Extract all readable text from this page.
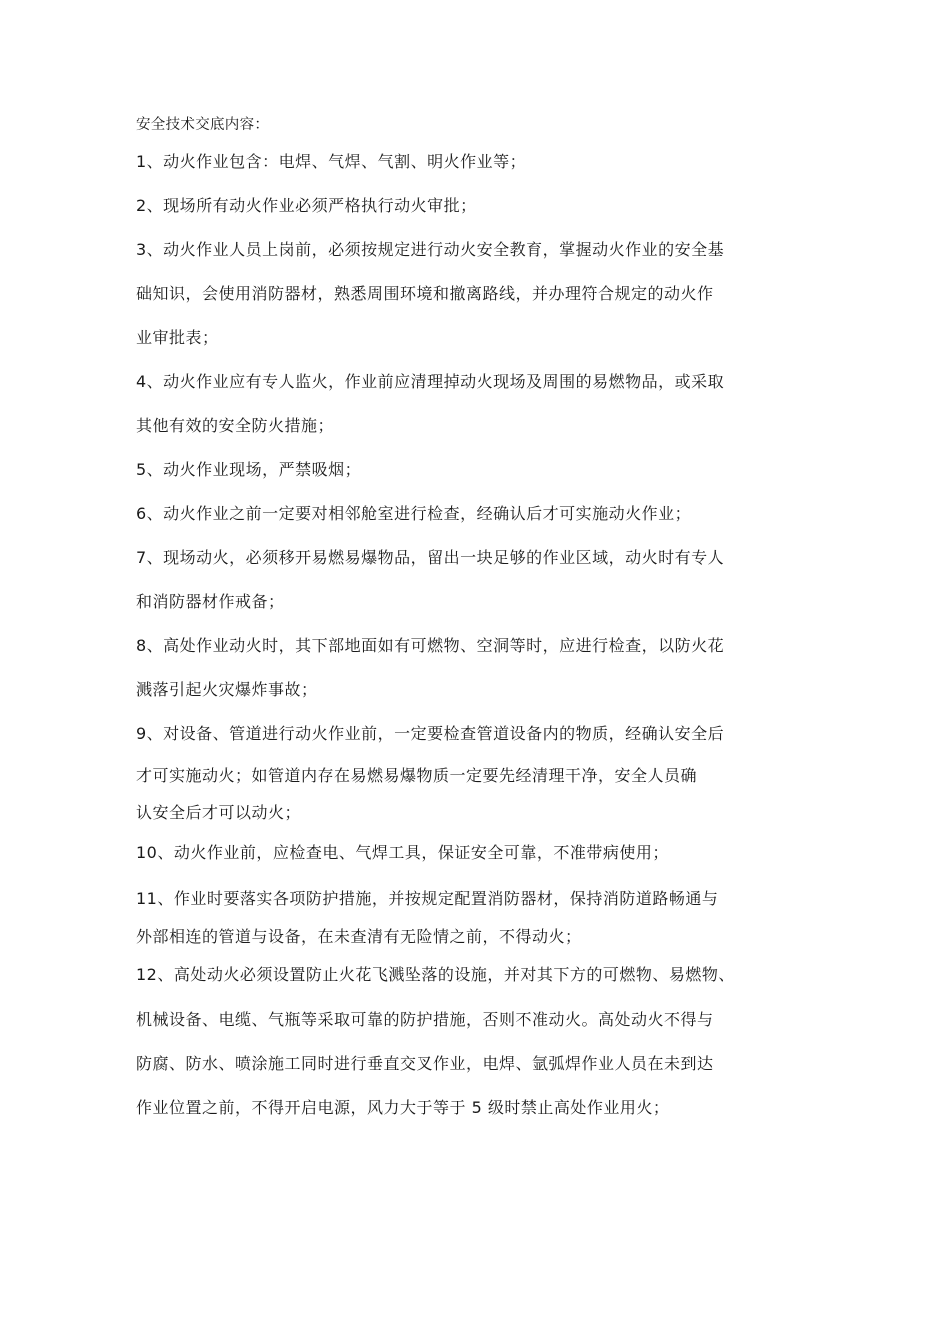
安全技术交底内容：
1、动火作业包含：电焊、气焊、气割、明火作业等；
2、现场所有动火作业必须严格执行动火审批；
3、动火作业人员上岗前，必须按规定进行动火安全教育，掌握动火作业的安全基
础知识，会使用消防器材，熟悉周围环境和撤离路线，并办理符合规定的动火作
业审批表；
4、动火作业应有专人监火，作业前应清理掉动火现场及周围的易燃物品，或采取
其他有效的安全防火措施；
5、动火作业现场，严禁吸烟；
6、动火作业之前一定要对相邻舱室进行检查，经确认后才可实施动火作业；
7、现场动火，必须移开易燃易爆物品，留出一块足够的作业区域，动火时有专人
和消防器材作戒备；
8、高处作业动火时，其下部地面如有可燃物、空洞等时，应进行检查，以防火花
溅落引起火灾爆炸事故；
9、对设备、管道进行动火作业前，一定要检查管道设备内的物质，经确认安全后
才可实施动火；如管道内存在易燃易爆物质一定要先经清理干净，安全人员确
认安全后才可以动火；
10、动火作业前，应检查电、气焊工具，保证安全可靠，不准带病使用；
11、作业时要落实各项防护措施，并按规定配置消防器材，保持消防道路畅通与
外部相连的管道与设备，在未查清有无险情之前，不得动火；
12、高处动火必须设置防止火花飞溅坠落的设施，并对其下方的可燃物、易燃物、
机械设备、电缆、气瓶等采取可靠的防护措施，否则不准动火。高处动火不得与
防腐、防水、喷涂施工同时进行垂直交叉作业，电焊、氩弧焊作业人员在未到达
作业位置之前，不得开启电源，风力大于等于 5 级时禁止高处作业用火；
